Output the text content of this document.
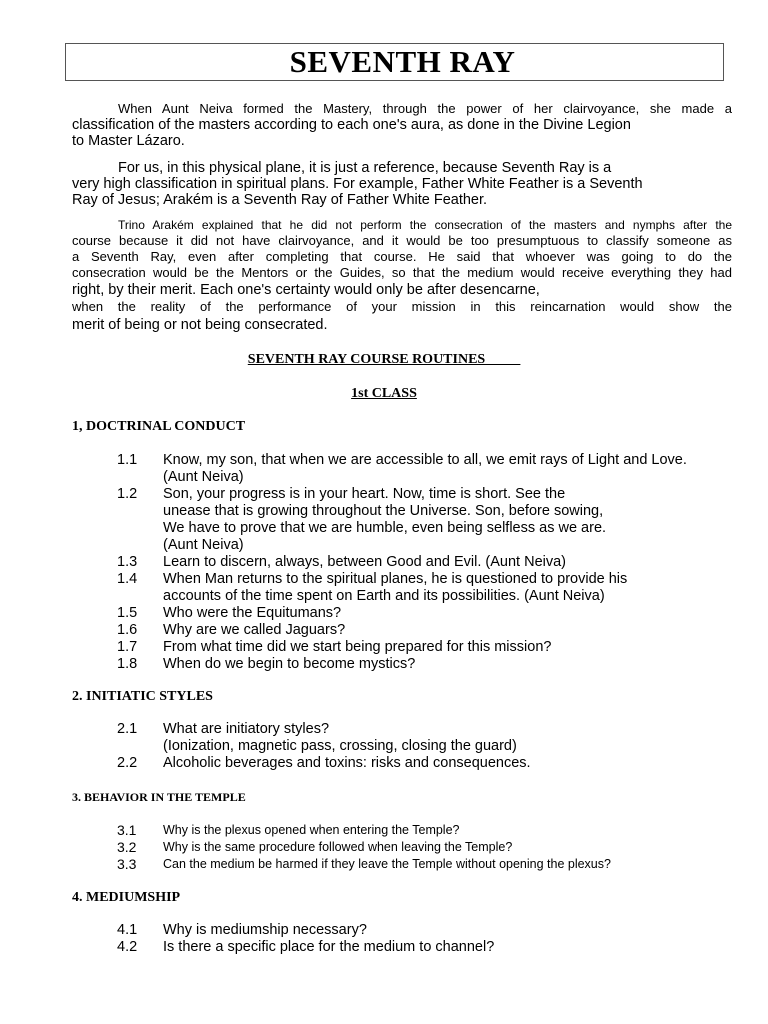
SEVENTH RAY
When Aunt Neiva formed the Mastery, through the power of her clairvoyance, she made a
classification of the masters according to each one's aura, as done in the Divine Legion
to Master Lázaro.
For us, in this physical plane, it is just a reference, because Seventh Ray is a
very high classification in spiritual plans. For example, Father White Feather is a Seventh
Ray of Jesus; Arakém is a Seventh Ray of Father White Feather.
Trino Arakém explained that he did not perform the consecration of the masters and nymphs after the
course because it did not have clairvoyance, and it would be too presumptuous to classify someone as
a Seventh Ray, even after completing that course. He said that whoever was going to do the
consecration would be the Mentors or the Guides, so that the medium would receive everything they had
right, by their merit. Each one's certainty would only be after desencarne,
when the reality of the performance of your mission in this reincarnation would show the
merit of being or not being consecrated.
SEVENTH RAY COURSE ROUTINES_____
1st CLASS
1, DOCTRINAL CONDUCT
1.1 Know, my son, that when we are accessible to all, we emit rays of Light and Love.
(Aunt Neiva)
1.2 Son, your progress is in your heart. Now, time is short. See the
unease that is growing throughout the Universe. Son, before sowing,
We have to prove that we are humble, even being selfless as we are.
(Aunt Neiva)
1.3 Learn to discern, always, between Good and Evil. (Aunt Neiva)
1.4 When Man returns to the spiritual planes, he is questioned to provide his
accounts of the time spent on Earth and its possibilities. (Aunt Neiva)
1.5 Who were the Equitumans?
1.6 Why are we called Jaguars?
1.7 From what time did we start being prepared for this mission?
1.8 When do we begin to become mystics?
2. INITIATIC STYLES
2.1 What are initiatory styles?
(Ionization, magnetic pass, crossing, closing the guard)
2.2 Alcoholic beverages and toxins: risks and consequences.
3. BEHAVIOR IN THE TEMPLE
3.1 Why is the plexus opened when entering the Temple?
3.2 Why is the same procedure followed when leaving the Temple?
3.3 Can the medium be harmed if they leave the Temple without opening the plexus?
4. MEDIUMSHIP
4.1 Why is mediumship necessary?
4.2 Is there a specific place for the medium to channel?
